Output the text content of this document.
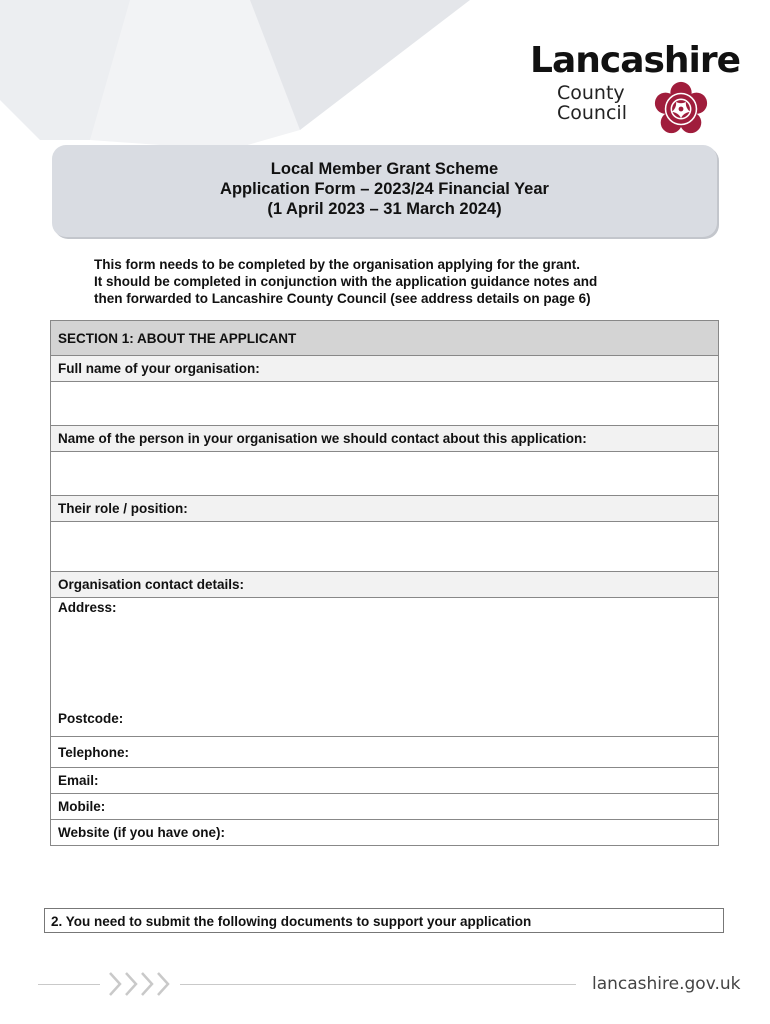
Lancashire
County
Council
Local Member Grant Scheme
Application Form – 2023/24 Financial Year
(1 April 2023 – 31 March 2024)
This form needs to be completed by the organisation applying for the grant.
It should be completed in conjunction with the application guidance notes and
then forwarded to Lancashire County Council (see address details on page 6)
SECTION 1: ABOUT THE APPLICANT
Full name of your organisation:

Name of the person in your organisation we should contact about this application:

Their role / position:

Organisation contact details:

Address:
Postcode:

Telephone:
Email:
Mobile:
Website (if you have one):
2. You need to submit the following documents to support your application
lancashire.gov.uk
